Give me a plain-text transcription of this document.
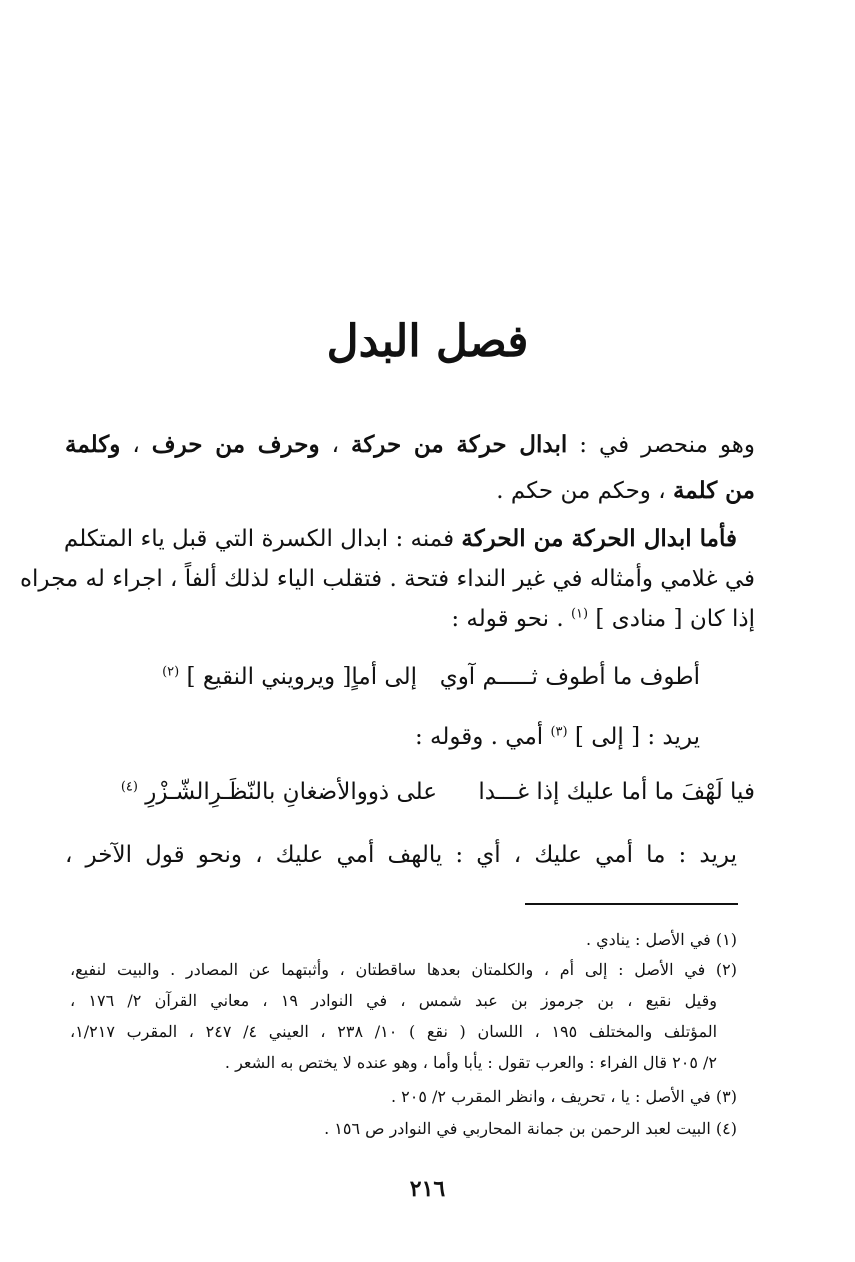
فصل البدل
وهو منحصر في : ابدال حركة من حركة ، وحرف من حرف ، وكلمة
من كلمة ، وحكم من حكم .
فأما ابدال الحركة من الحركة فمنه : ابدال الكسرة التي قبل ياء المتكلم
في غلامي وأمثاله في غير النداء فتحة . فتقلب الياء لذلك ألفاً ، اجراء له مجراه
إذا كان [ منادى ] $^{(١)}$ . نحو قوله :
أطوف ما أطوف ثـــــم آوي
إلى أماٍ[ ويرويني النقيع ] $^{(٢)}$
يريد : [ إلى ] $^{(٣)}$ أمي . وقوله :
فيا لَهْفَ ما أما عليك إذا غـــدا
على ذووالأضغانِ بالنّظَـرِالشّـزْرِ $^{(٤)}$
يريد : ما أمي عليك ، أي : يالهف أمي عليك ، ونحو قول الآخر ،
(١) في الأصل : ينادي .
(٢) في الأصل : إلى أم ، والكلمتان بعدها ساقطتان ، وأثبتهما عن المصادر . والبيت لنفيع،
وقيل نقيع ، بن جرموز بن عبد شمس ، في النوادر ١٩ ، معاني القرآن ٢/ ١٧٦ ،
المؤتلف والمختلف ١٩٥ ، اللسان ( نقع ) ١٠/ ٢٣٨ ، العيني ٤/ ٢٤٧ ، المقرب ١/٢١٧،
٢/ ٢٠٥ قال الفراء : والعرب تقول : يأبا وأما ، وهو عنده لا يختص به الشعر .
(٣) في الأصل : يا ، تحريف ، وانظر المقرب ٢/ ٢٠٥ .
(٤) البيت لعبد الرحمن بن جمانة المحاربي في النوادر ص ١٥٦ .
٢١٦
